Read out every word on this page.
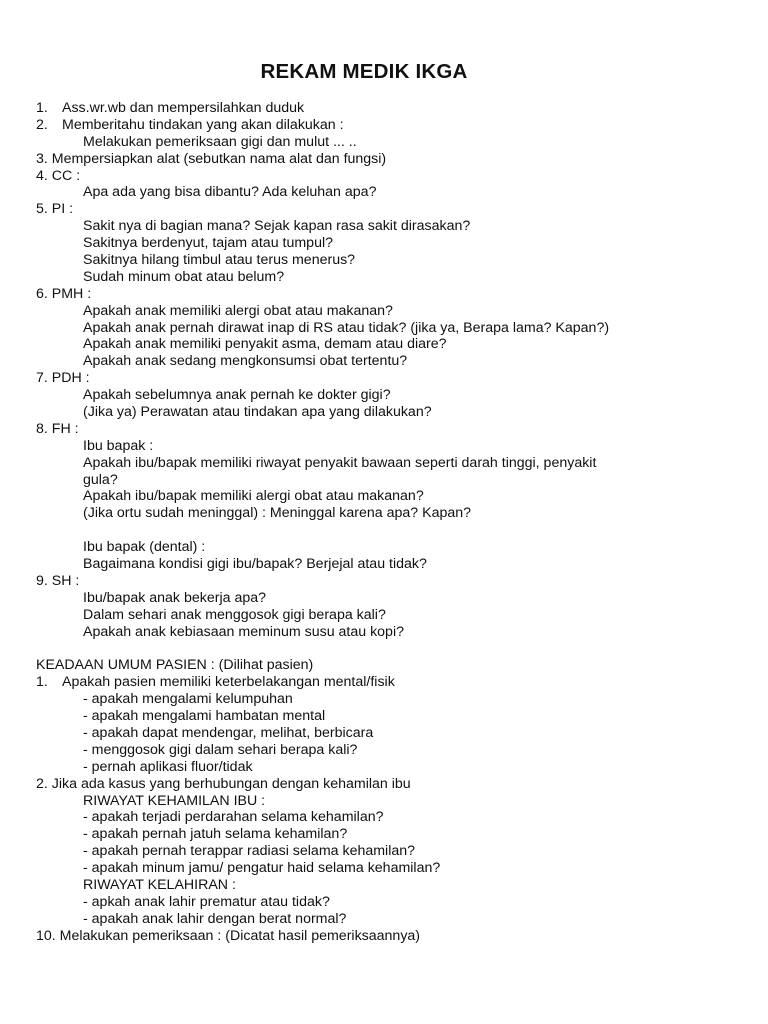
REKAM MEDIK IKGA
1. Ass.wr.wb dan mempersilahkan duduk
2. Memberitahu tindakan yang akan dilakukan :
Melakukan pemeriksaan gigi dan mulut ... ..
3. Mempersiapkan alat (sebutkan nama alat dan fungsi)
4. CC :
Apa ada yang bisa dibantu? Ada keluhan apa?
5. PI :
Sakit nya di bagian mana? Sejak kapan rasa sakit dirasakan?
Sakitnya berdenyut, tajam atau tumpul?
Sakitnya hilang timbul atau terus menerus?
Sudah minum obat atau belum?
6. PMH :
Apakah anak memiliki alergi obat atau makanan?
Apakah anak pernah dirawat inap di RS atau tidak? (jika ya, Berapa lama? Kapan?)
Apakah anak memiliki penyakit asma, demam atau diare?
Apakah anak sedang mengkonsumsi obat tertentu?
7. PDH :
Apakah sebelumnya anak pernah ke dokter gigi?
(Jika ya) Perawatan atau tindakan apa yang dilakukan?
8. FH :
Ibu bapak :
Apakah ibu/bapak memiliki riwayat penyakit bawaan seperti darah tinggi, penyakit
gula?
Apakah ibu/bapak memiliki alergi obat atau makanan?
(Jika ortu sudah meninggal) : Meninggal karena apa? Kapan?
Ibu bapak (dental) :
Bagaimana kondisi gigi ibu/bapak? Berjejal atau tidak?
9. SH :
Ibu/bapak anak bekerja apa?
Dalam sehari anak menggosok gigi berapa kali?
Apakah anak kebiasaan meminum susu atau kopi?
KEADAAN UMUM PASIEN : (Dilihat pasien)
1. Apakah pasien memiliki keterbelakangan mental/fisik
- apakah mengalami kelumpuhan
- apakah mengalami hambatan mental
- apakah dapat mendengar, melihat, berbicara
- menggosok gigi dalam sehari berapa kali?
- pernah aplikasi fluor/tidak
2. Jika ada kasus yang berhubungan dengan kehamilan ibu
RIWAYAT KEHAMILAN IBU :
- apakah terjadi perdarahan selama kehamilan?
- apakah pernah jatuh selama kehamilan?
- apakah pernah terappar radiasi selama kehamilan?
- apakah minum jamu/ pengatur haid selama kehamilan?
RIWAYAT KELAHIRAN :
- apkah anak lahir prematur atau tidak?
- apakah anak lahir dengan berat normal?
10. Melakukan pemeriksaan : (Dicatat hasil pemeriksaannya)
